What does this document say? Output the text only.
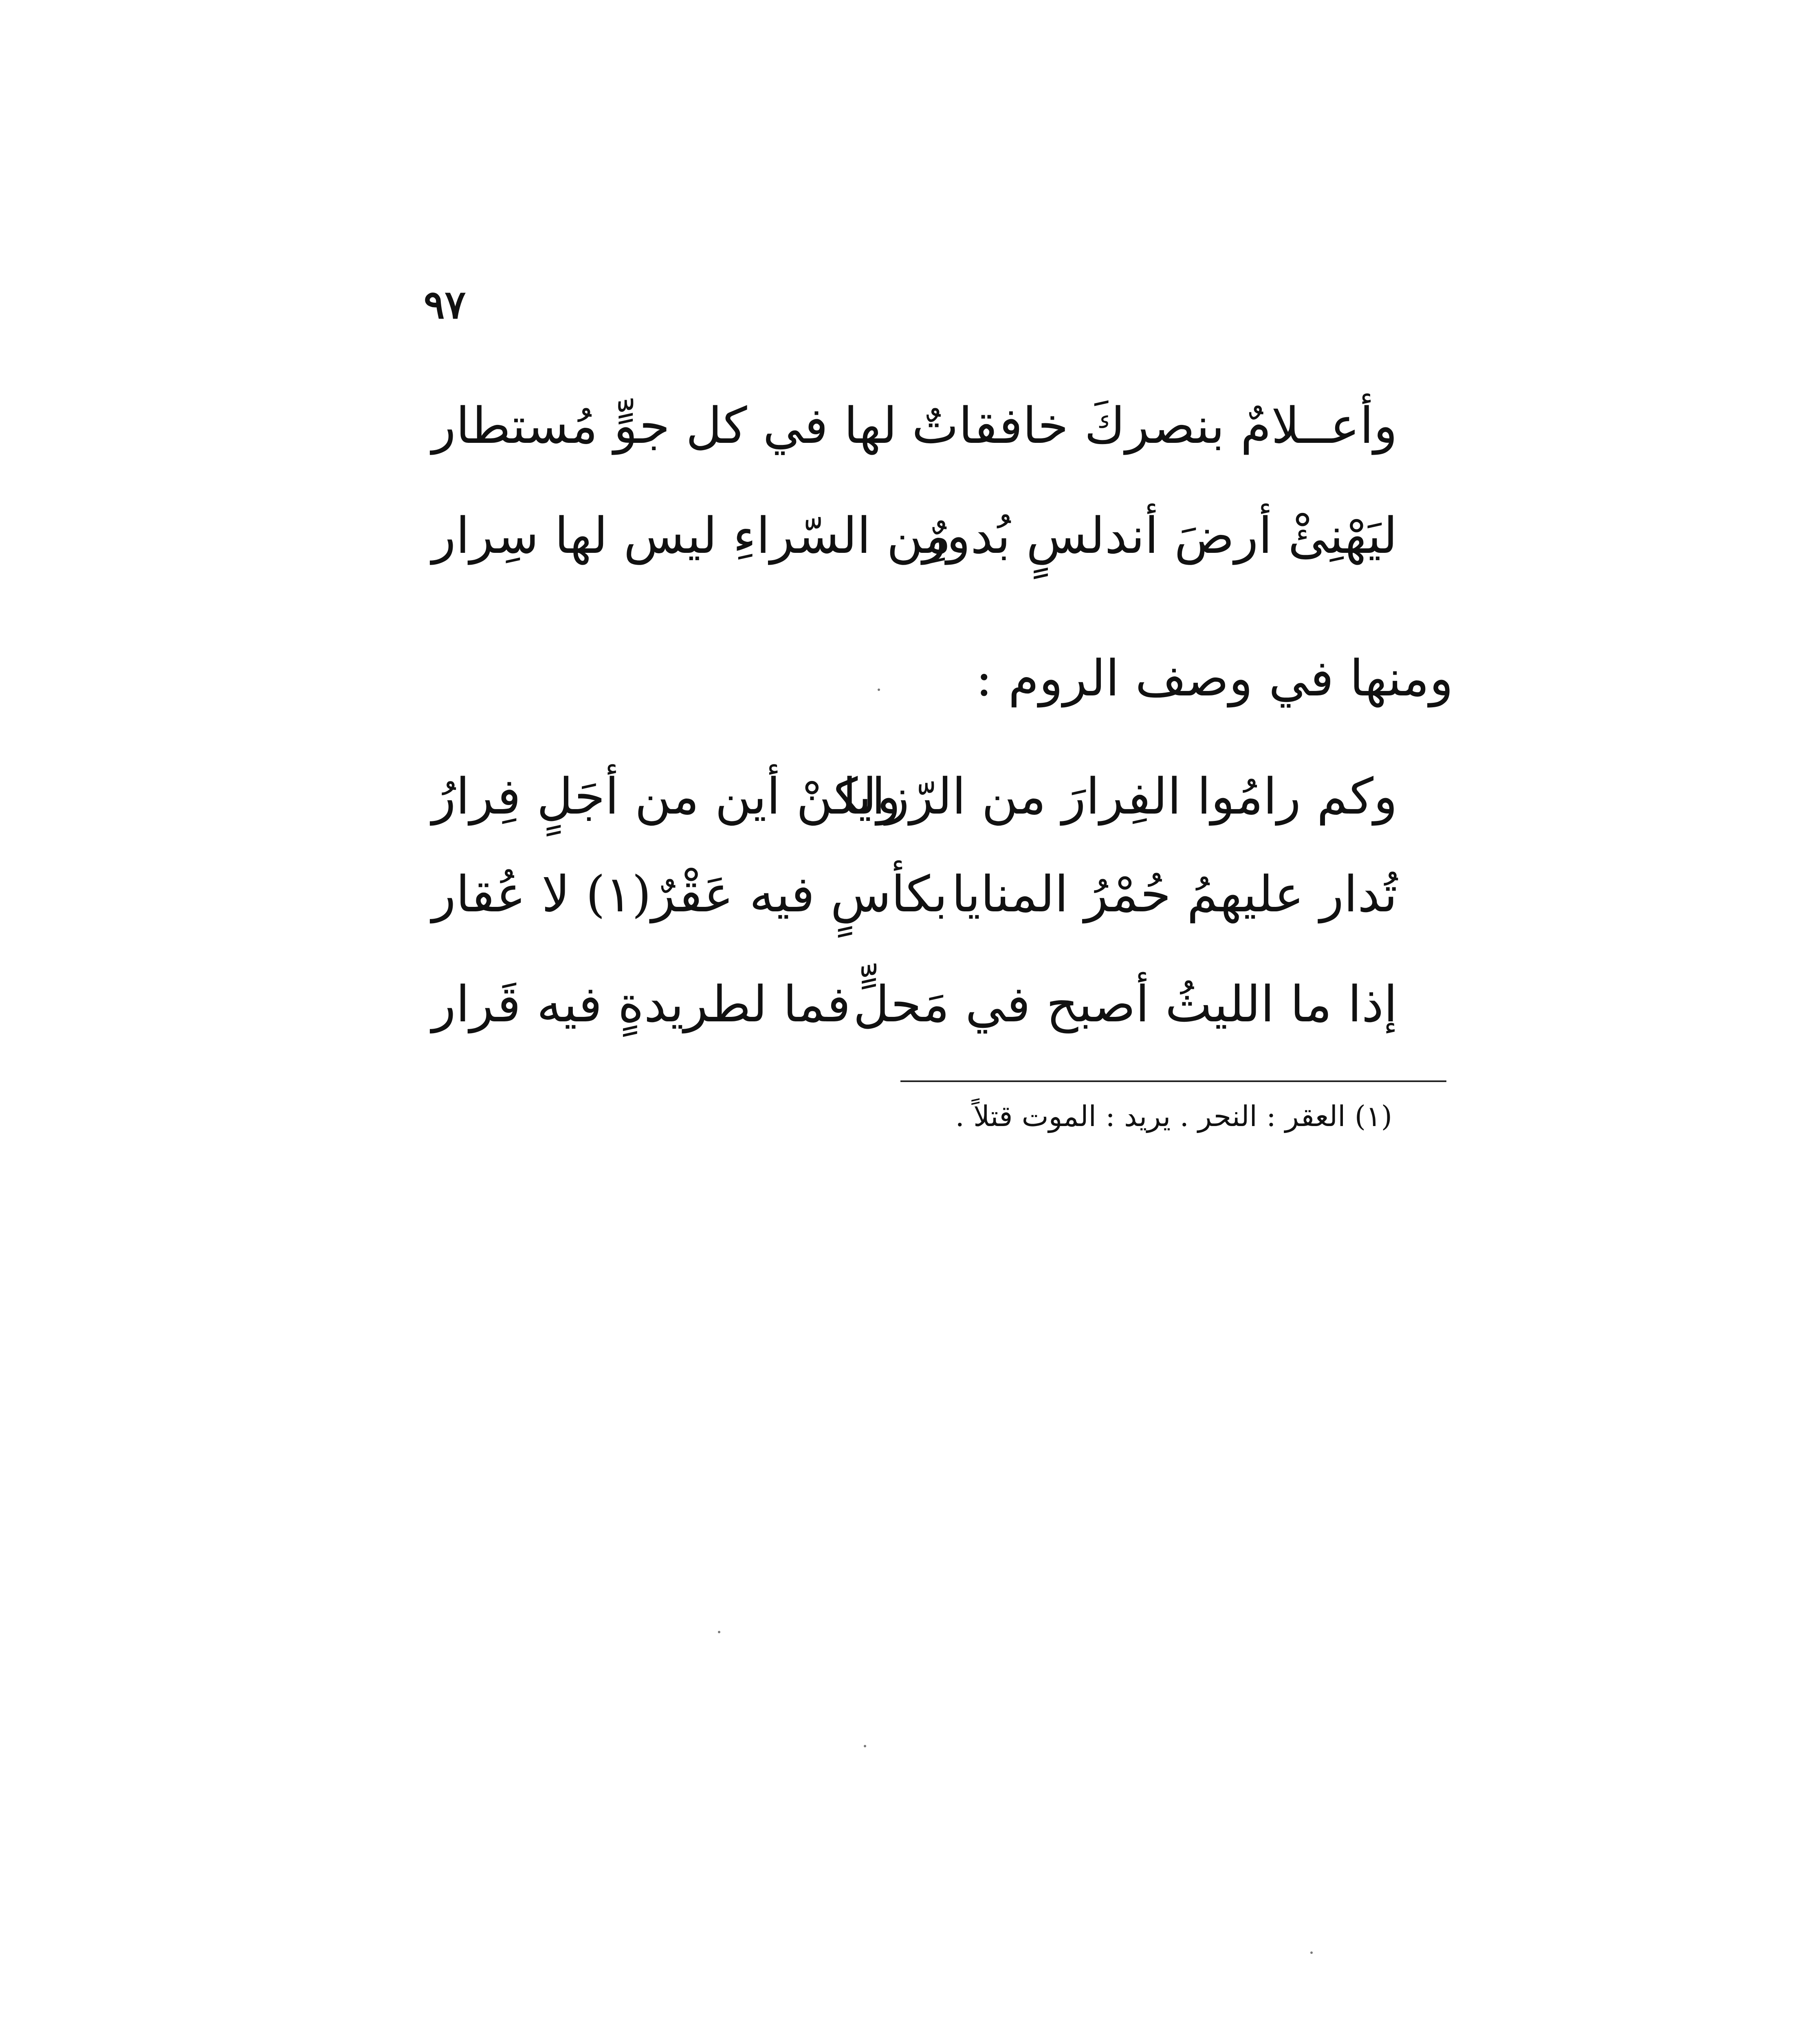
٩٧
وأعــلامٌ بنصركَ خافقاتٌ
لها في كل جوٍّ مُستطار
ليَهْنِئْ أرضَ أندلسٍ بُدورٌ
مِن السّراءِ ليس لها سِرار
ومنها في وصف الروم :
وكم رامُوا الفِرارَ من الرّزايا
ولكنْ أين من أجَلٍ فِرارُ
تُدار عليهمُ حُمْرُ المنايا
بكأسٍ فيه عَقْرٌ(١) لا عُقار
إذا ما الليثُ أصبح في مَحلٍّ
فما لطريدةٍ فيه قَرار
(١) العقر : النحر . يريد : الموت قتلاً .
